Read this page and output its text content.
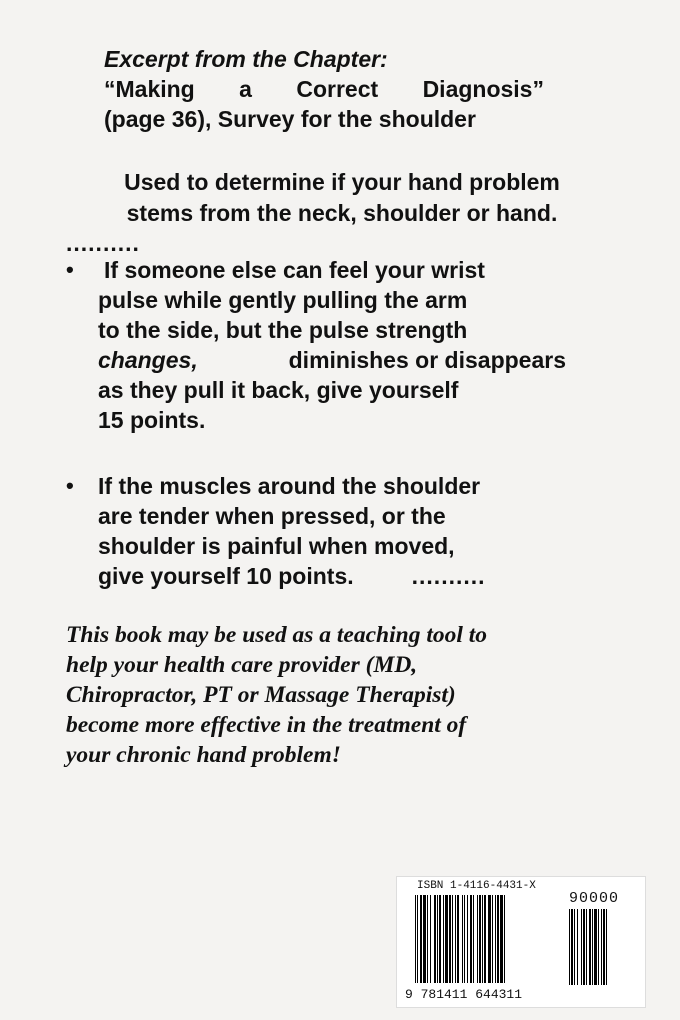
Excerpt from the Chapter:
“Making a Correct Diagnosis”
(page 36), Survey for the shoulder
Used to determine if your hand problem
stems from the neck, shoulder or hand.
..........
• If someone else can feel your wrist
pulse while gently pulling the arm
to the side, but the pulse strength
changes,	diminishes or disappears
as they pull it back, give yourself
15 points.
• If the muscles around the shoulder
are tender when pressed, or the
shoulder is painful when moved,
give yourself 10 points.	..........
This book may be used as a teaching tool to
help your health care provider (MD,
Chiropractor, PT or Massage Therapist)
become more effective in the treatment of
your chronic hand problem!
ISBN 1-4116-4431-X
90000
9 781411 644311
